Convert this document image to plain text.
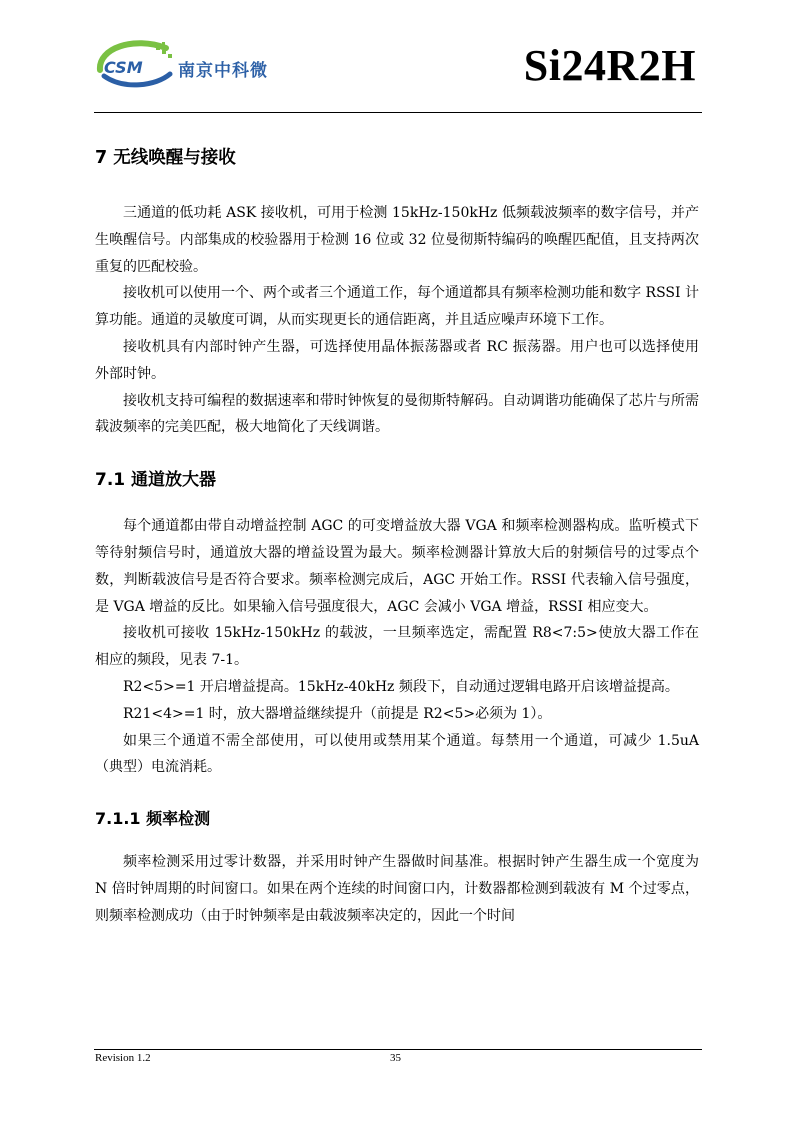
CSM 南京中科微	Si24R2H
7 无线唤醒与接收

三通道的低功耗 ASK 接收机，可用于检测 15kHz-150kHz 低频载波频率的数字信号，并产生唤醒信号。内部集成的校验器用于检测 16 位或 32 位曼彻斯特编码的唤醒匹配值，且支持两次重复的匹配校验。

接收机可以使用一个、两个或者三个通道工作，每个通道都具有频率检测功能和数字 RSSI 计算功能。通道的灵敏度可调，从而实现更长的通信距离，并且适应噪声环境下工作。

接收机具有内部时钟产生器，可选择使用晶体振荡器或者 RC 振荡器。用户也可以选择使用外部时钟。

接收机支持可编程的数据速率和带时钟恢复的曼彻斯特解码。自动调谐功能确保了芯片与所需载波频率的完美匹配，极大地简化了天线调谐。

7.1 通道放大器

每个通道都由带自动增益控制 AGC 的可变增益放大器 VGA 和频率检测器构成。监听模式下等待射频信号时，通道放大器的增益设置为最大。频率检测器计算放大后的射频信号的过零点个数，判断载波信号是否符合要求。频率检测完成后，AGC 开始工作。RSSI 代表输入信号强度，是 VGA 增益的反比。如果输入信号强度很大，AGC 会减小 VGA 增益，RSSI 相应变大。

接收机可接收 15kHz-150kHz 的载波，一旦频率选定，需配置 R8<7:5>使放大器工作在相应的频段，见表 7-1。

R2<5>=1 开启增益提高。15kHz-40kHz 频段下，自动通过逻辑电路开启该增益提高。

R21<4>=1 时，放大器增益继续提升（前提是 R2<5>必须为 1）。

如果三个通道不需全部使用，可以使用或禁用某个通道。每禁用一个通道，可减少 1.5uA（典型）电流消耗。

7.1.1 频率检测

频率检测采用过零计数器，并采用时钟产生器做时间基准。根据时钟产生器生成一个宽度为 N 倍时钟周期的时间窗口。如果在两个连续的时间窗口内，计数器都检测到载波有 M 个过零点，则频率检测成功（由于时钟频率是由载波频率决定的，因此一个时间

Revision 1.2	35
